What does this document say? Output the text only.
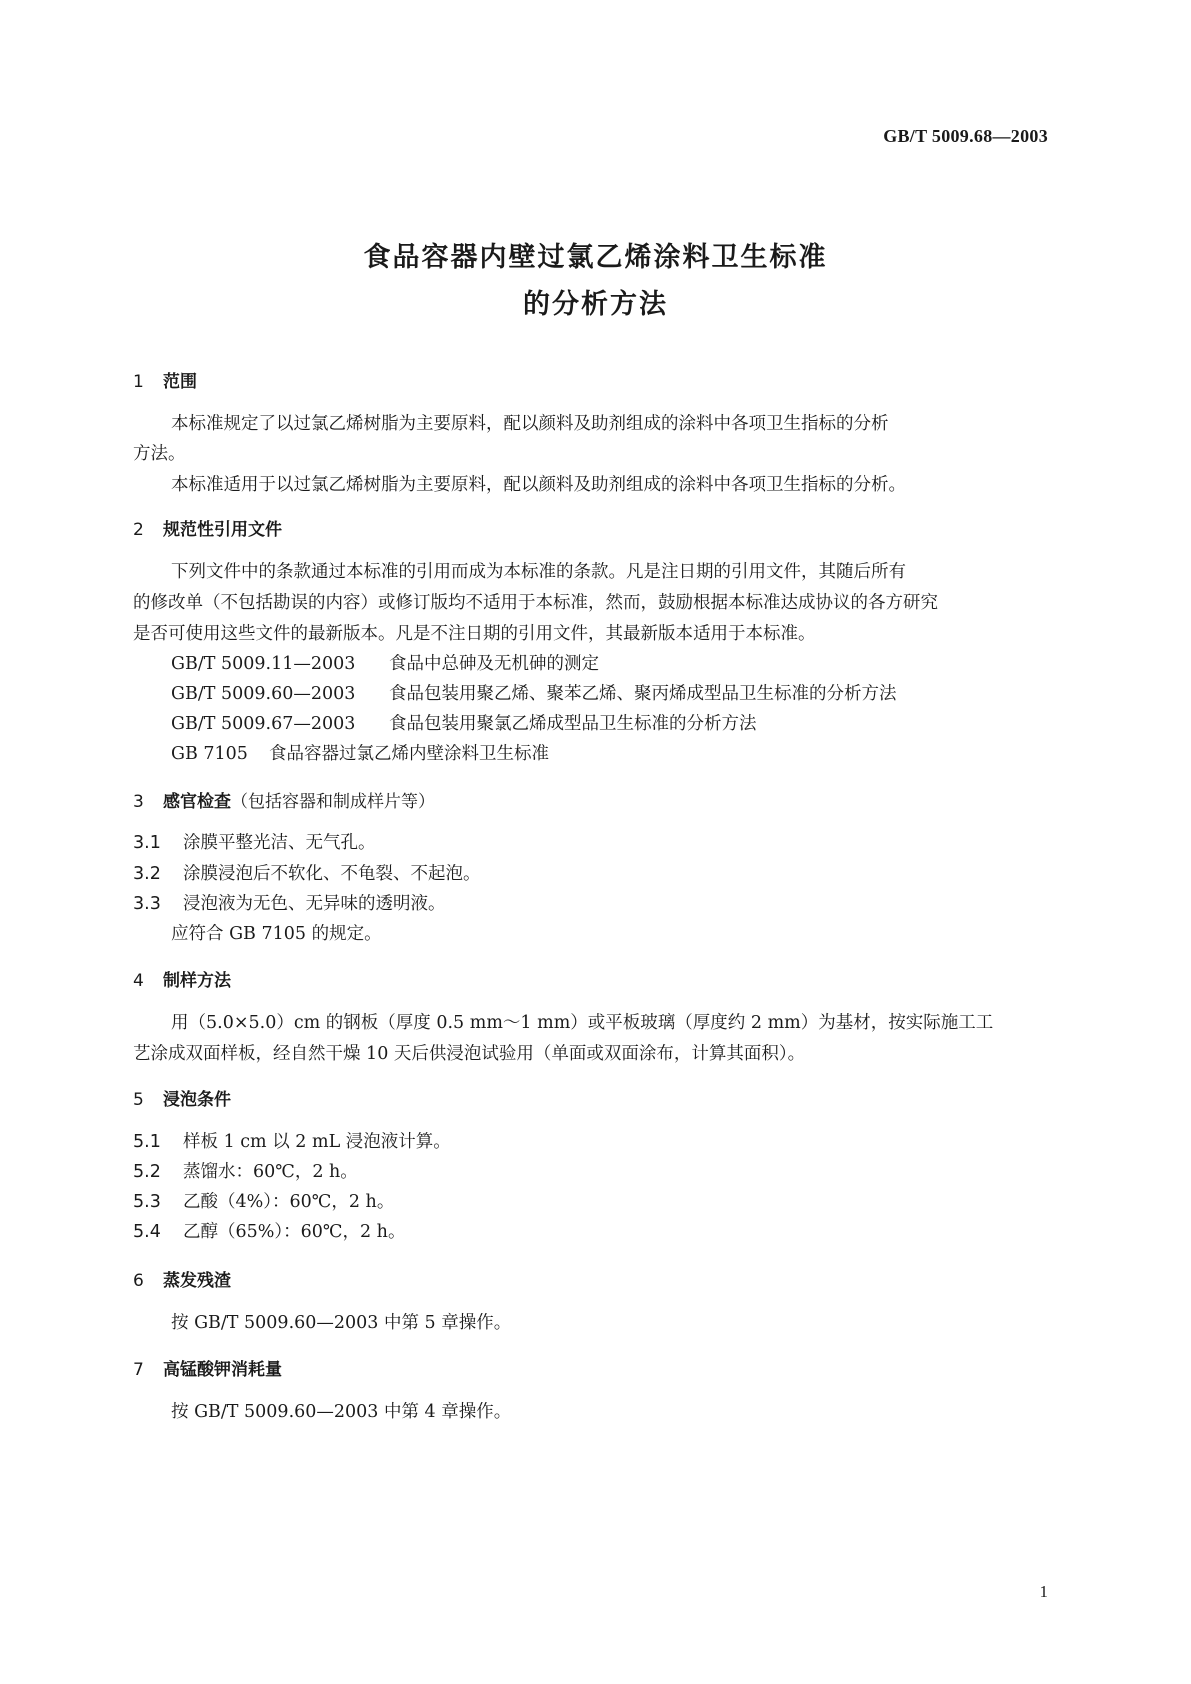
GB/T 5009.68—2003
食品容器内壁过氯乙烯涂料卫生标准
的分析方法
1 范围
本标准规定了以过氯乙烯树脂为主要原料，配以颜料及助剂组成的涂料中各项卫生指标的分析
方法。
本标准适用于以过氯乙烯树脂为主要原料，配以颜料及助剂组成的涂料中各项卫生指标的分析。
2 规范性引用文件
下列文件中的条款通过本标准的引用而成为本标准的条款。凡是注日期的引用文件，其随后所有
的修改单（不包括勘误的内容）或修订版均不适用于本标准，然而，鼓励根据本标准达成协议的各方研究
是否可使用这些文件的最新版本。凡是不注日期的引用文件，其最新版本适用于本标准。
GB/T 5009.11—2003 食品中总砷及无机砷的测定
GB/T 5009.60—2003 食品包装用聚乙烯、聚苯乙烯、聚丙烯成型品卫生标准的分析方法
GB/T 5009.67—2003 食品包装用聚氯乙烯成型品卫生标准的分析方法
GB 7105 食品容器过氯乙烯内壁涂料卫生标准
3 感官检查（包括容器和制成样片等）
3.1 涂膜平整光洁、无气孔。
3.2 涂膜浸泡后不软化、不龟裂、不起泡。
3.3 浸泡液为无色、无异味的透明液。
应符合 GB 7105 的规定。
4 制样方法
用（5.0×5.0）cm 的钢板（厚度 0.5 mm～1 mm）或平板玻璃（厚度约 2 mm）为基材，按实际施工工
艺涂成双面样板，经自然干燥 10 天后供浸泡试验用（单面或双面涂布，计算其面积）。
5 浸泡条件
5.1 样板 1 cm 以 2 mL 浸泡液计算。
5.2 蒸馏水：60℃，2 h。
5.3 乙酸（4%）：60℃，2 h。
5.4 乙醇（65%）：60℃，2 h。
6 蒸发残渣
按 GB/T 5009.60—2003 中第 5 章操作。
7 高锰酸钾消耗量
按 GB/T 5009.60—2003 中第 4 章操作。
1
